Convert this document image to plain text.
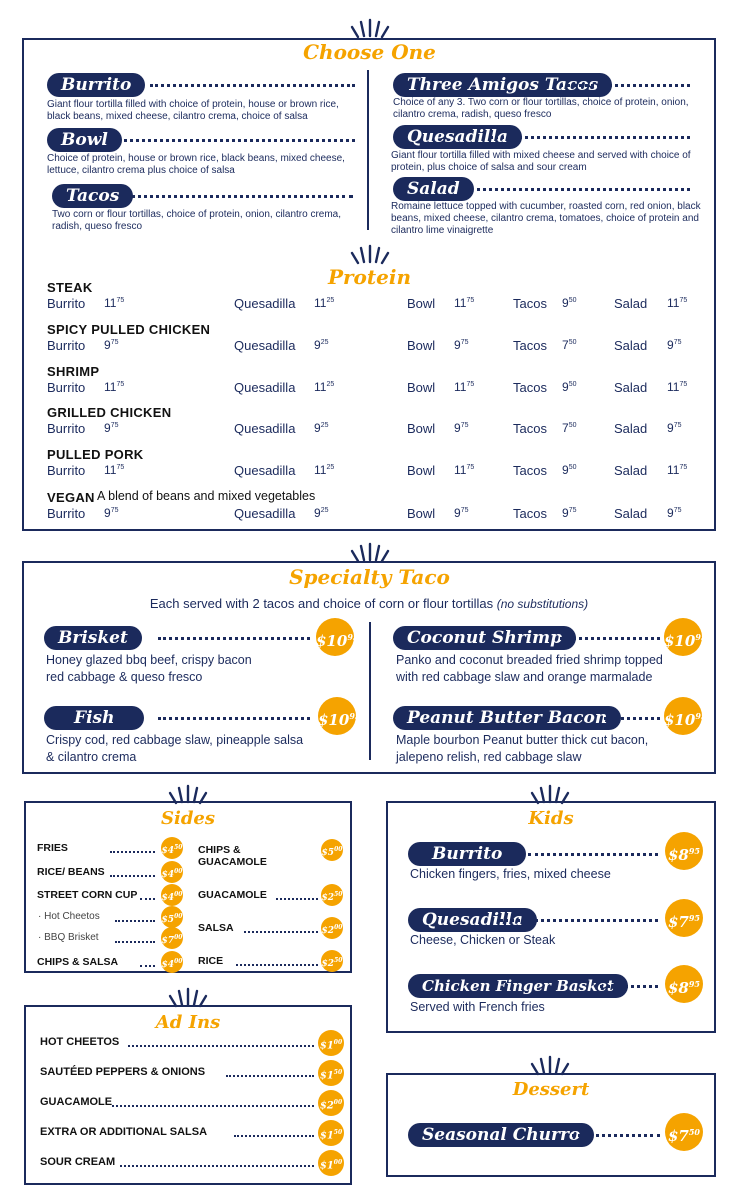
Choose One
Burrito
Giant flour tortilla filled with choice of protein, house or brown rice, black beans, mixed cheese, cilantro crema, choice of salsa
Bowl
Choice of protein, house or brown rice, black beans, mixed cheese, lettuce, cilantro crema plus choice of salsa
Tacos
Two corn or flour tortillas, choice of protein, onion, cilantro crema, radish, queso fresco
Three Amigos Tacos
Choice of any 3. Two corn or flour tortillas, choice of protein, onion, cilantro crema, radish, queso fresco
Quesadilla
Giant flour tortilla filled with mixed cheese and served with choice of protein, plus choice of salsa and sour cream
Salad
Romaine lettuce topped with cucumber, roasted corn, red onion, black beans, mixed cheese, cilantro crema, tomatoes, choice of protein and cilantro lime vinaigrette
Protein
STEAK
Burrito $11^{75}$	Quesadilla $11^{25}$	Bowl $11^{75}$	Tacos $9^{50}$	Salad $11^{75}$
SPICY PULLED CHICKEN
Burrito $9^{75}$	Quesadilla $9^{25}$	Bowl $9^{75}$	Tacos $7^{50}$	Salad $9^{75}$
SHRIMP
Burrito $11^{75}$	Quesadilla $11^{25}$	Bowl $11^{75}$	Tacos $9^{50}$	Salad $11^{75}$
GRILLED CHICKEN
Burrito $9^{75}$	Quesadilla $9^{25}$	Bowl $9^{75}$	Tacos $7^{50}$	Salad $9^{75}$
PULLED PORK
Burrito $11^{75}$	Quesadilla $11^{25}$	Bowl $11^{75}$	Tacos $9^{50}$	Salad $11^{75}$
VEGAN A blend of beans and mixed vegetables
Burrito $9^{75}$	Quesadilla $9^{25}$	Bowl $9^{75}$	Tacos $9^{75}$	Salad $9^{75}$
Specialty Taco
Each served with 2 tacos and choice of corn or flour tortillas (no substitutions)
Brisket	$\$10^{95}$
Honey glazed bbq beef, crispy bacon
red cabbage & queso fresco
Fish	$\$10^{95}$
Crispy cod, red cabbage slaw, pineapple salsa
& cilantro crema
Coconut Shrimp	$\$10^{95}$
Panko and coconut breaded fried shrimp topped
with red cabbage slaw and orange marmalade
Peanut Butter Bacon	$\$10^{95}$
Maple bourbon Peanut butter thick cut bacon,
jalepeno relish, red cabbage slaw
Sides
FRIES	$\$4^{50}$
RICE/ BEANS	$\$4^{00}$
STREET CORN CUP	$\$4^{00}$
· Hot Cheetos	$\$5^{00}$
· BBQ Brisket	$\$7^{00}$
CHIPS & SALSA	$\$4^{00}$
CHIPS &
GUACAMOLE
$\$5^{00}$
GUACAMOLE	$\$2^{50}$
SALSA	$\$2^{00}$
RICE	$\$2^{50}$
Ad Ins
HOT CHEETOS	$\$1^{00}$
SAUTÉED PEPPERS & ONIONS	$\$1^{50}$
GUACAMOLE	$\$2^{00}$
EXTRA OR ADDITIONAL SALSA	$\$1^{50}$
SOUR CREAM	$\$1^{00}$
Kids
Burrito	$\$8^{95}$
Chicken fingers, fries, mixed cheese
Quesadilla	$\$7^{95}$
Cheese, Chicken or Steak
Chicken Finger Basket	$\$8^{95}$
Served with French fries
Dessert
Seasonal Churro	$\$7^{50}$
